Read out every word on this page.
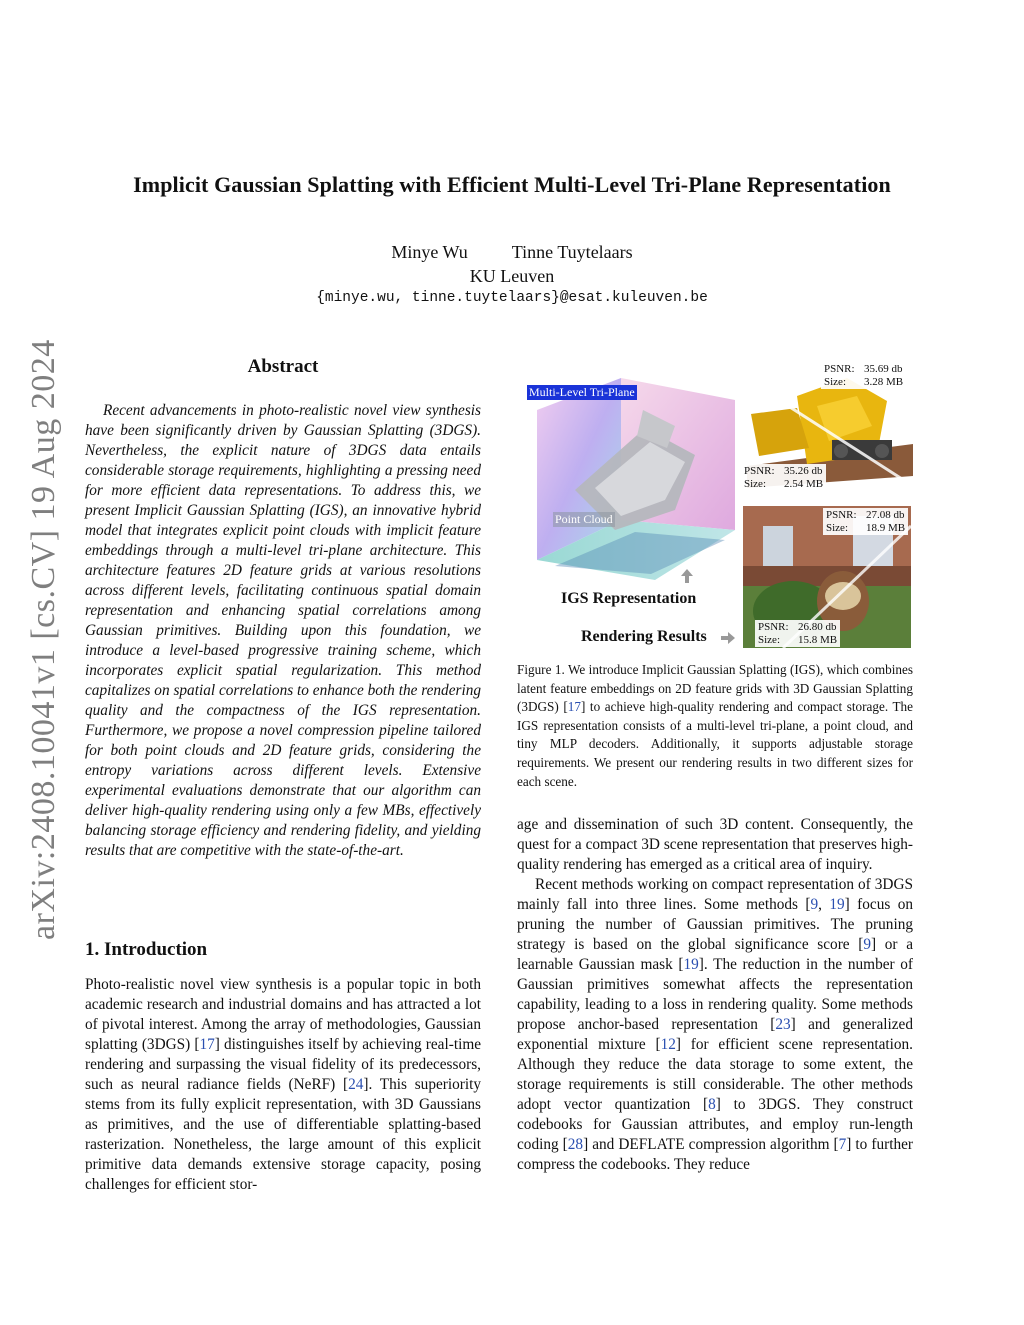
arXiv:2408.10041v1 [cs.CV] 19 Aug 2024
Implicit Gaussian Splatting with Efficient Multi-Level Tri-Plane Representation
Minye Wu Tinne Tuytelaars
KU Leuven
{minye.wu, tinne.tuytelaars}@esat.kuleuven.be
Abstract

Recent advancements in photo-realistic novel view synthesis have been significantly driven by Gaussian Splatting (3DGS). Nevertheless, the explicit nature of 3DGS data entails considerable storage requirements, highlighting a pressing need for more efficient data representations. To address this, we present Implicit Gaussian Splatting (IGS), an innovative hybrid model that integrates explicit point clouds with implicit feature embeddings through a multi-level tri-plane architecture. This architecture features 2D feature grids at various resolutions across different levels, facilitating continuous spatial domain representation and enhancing spatial correlations among Gaussian primitives. Building upon this foundation, we introduce a level-based progressive training scheme, which incorporates explicit spatial regularization. This method capitalizes on spatial correlations to enhance both the rendering quality and the compactness of the IGS representation. Furthermore, we propose a novel compression pipeline tailored for both point clouds and 2D feature grids, considering the entropy variations across different levels. Extensive experimental evaluations demonstrate that our algorithm can deliver high-quality rendering using only a few MBs, effectively balancing storage efficiency and rendering fidelity, and yielding results that are competitive with the state-of-the-art.

1. Introduction

Photo-realistic novel view synthesis is a popular topic in both academic research and industrial domains and has attracted a lot of pivotal interest. Among the array of methodologies, Gaussian splatting (3DGS) [17] distinguishes itself by achieving real-time rendering and surpassing the visual fidelity of its predecessors, such as neural radiance fields (NeRF) [24]. This superiority stems from its fully explicit representation, with 3D Gaussians as primitives, and the use of differentiable splatting-based rasterization. Nonetheless, the large amount of this explicit primitive data demands extensive storage capacity, posing challenges for efficient stor-

Multi-Level Tri-Plane
Point Cloud
IGS Representation
Rendering Results
PSNR: 35.69 db
Size: 3.28 MB
PSNR: 35.26 db
Size: 2.54 MB
PSNR: 27.08 db
Size: 18.9 MB
PSNR: 26.80 db
Size: 15.8 MB
Figure 1. We introduce Implicit Gaussian Splatting (IGS), which combines latent feature embeddings on 2D feature grids with 3D Gaussian Splatting (3DGS) [17] to achieve high-quality rendering and compact storage. The IGS representation consists of a multi-level tri-plane, a point cloud, and tiny MLP decoders. Additionally, it supports adjustable storage requirements. We present our rendering results in two different sizes for each scene.

age and dissemination of such 3D content. Consequently, the quest for a compact 3D scene representation that preserves high-quality rendering has emerged as a critical area of inquiry.

Recent methods working on compact representation of 3DGS mainly fall into three lines. Some methods [9, 19] focus on pruning the number of Gaussian primitives. The pruning strategy is based on the global significance score [9] or a learnable Gaussian mask [19]. The reduction in the number of Gaussian primitives somewhat affects the representation capability, leading to a loss in rendering quality. Some methods propose anchor-based representation [23] and generalized exponential mixture [12] for efficient scene representation. Although they reduce the data storage to some extent, the storage requirements is still considerable. The other methods adopt vector quantization [8] to 3DGS. They construct codebooks for Gaussian attributes, and employ run-length coding [28] and DEFLATE compression algorithm [7] to further compress the codebooks. They reduce
